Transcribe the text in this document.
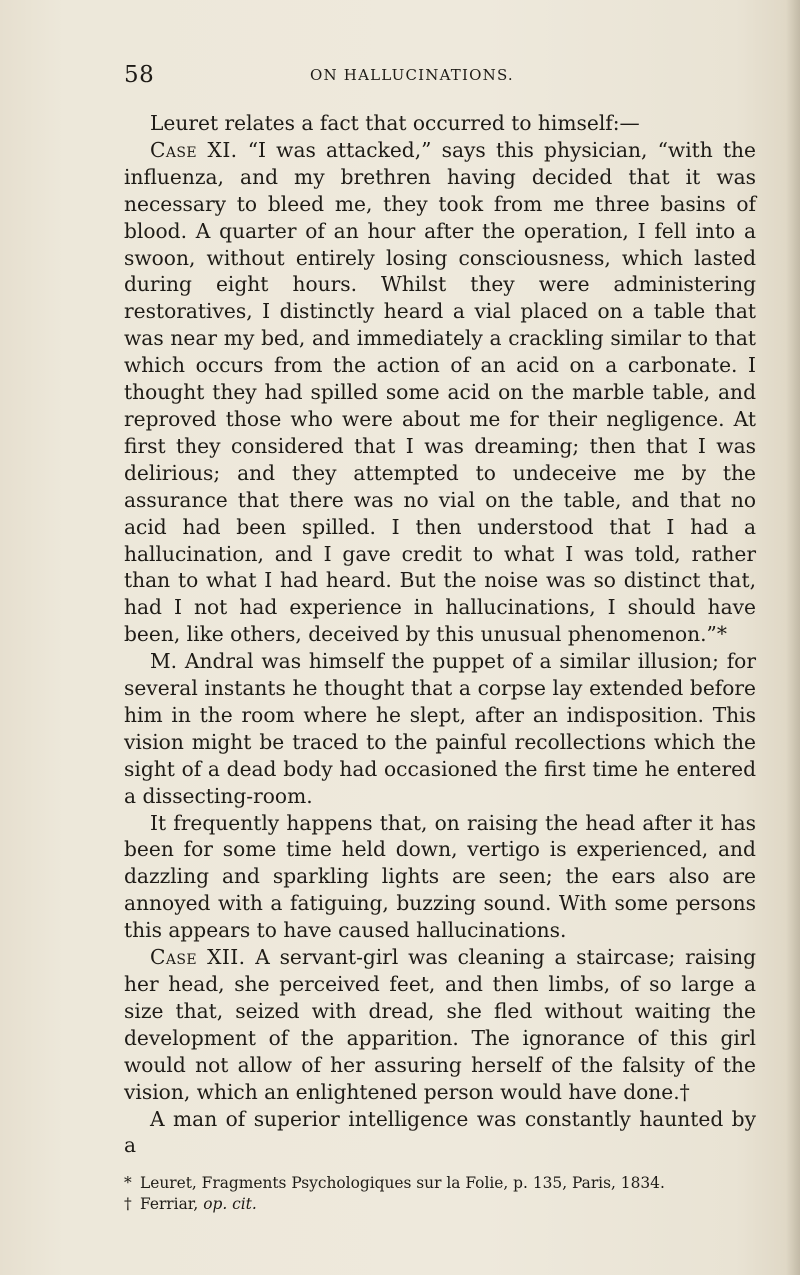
58	ON HALLUCINATIONS.

Leuret relates a fact that occurred to himself:—

Case XI. “I was attacked,” says this physician, “with the influenza, and my brethren having decided that it was necessary to bleed me, they took from me three basins of blood. A quarter of an hour after the operation, I fell into a swoon, without entirely losing consciousness, which lasted during eight hours. Whilst they were administering restoratives, I distinctly heard a vial placed on a table that was near my bed, and immediately a crackling similar to that which occurs from the action of an acid on a carbonate. I thought they had spilled some acid on the marble table, and reproved those who were about me for their negligence. At first they considered that I was dreaming; then that I was delirious; and they attempted to undeceive me by the assurance that there was no vial on the table, and that no acid had been spilled. I then understood that I had a hallucination, and I gave credit to what I was told, rather than to what I had heard. But the noise was so distinct that, had I not had experience in hallucinations, I should have been, like others, deceived by this unusual phenomenon.”*

M. Andral was himself the puppet of a similar illusion; for several instants he thought that a corpse lay extended before him in the room where he slept, after an indisposition. This vision might be traced to the painful recollections which the sight of a dead body had occasioned the first time he entered a dissecting-room.

It frequently happens that, on raising the head after it has been for some time held down, vertigo is experienced, and dazzling and sparkling lights are seen; the ears also are annoyed with a fatiguing, buzzing sound. With some persons this appears to have caused hallucinations.

Case XII. A servant-girl was cleaning a staircase; raising her head, she perceived feet, and then limbs, of so large a size that, seized with dread, she fled without waiting the development of the apparition. The ignorance of this girl would not allow of her assuring herself of the falsity of the vision, which an enlightened person would have done.†

A man of superior intelligence was constantly haunted by a

* Leuret, Fragments Psychologiques sur la Folie, p. 135, Paris, 1834.

† Ferriar, op. cit.
